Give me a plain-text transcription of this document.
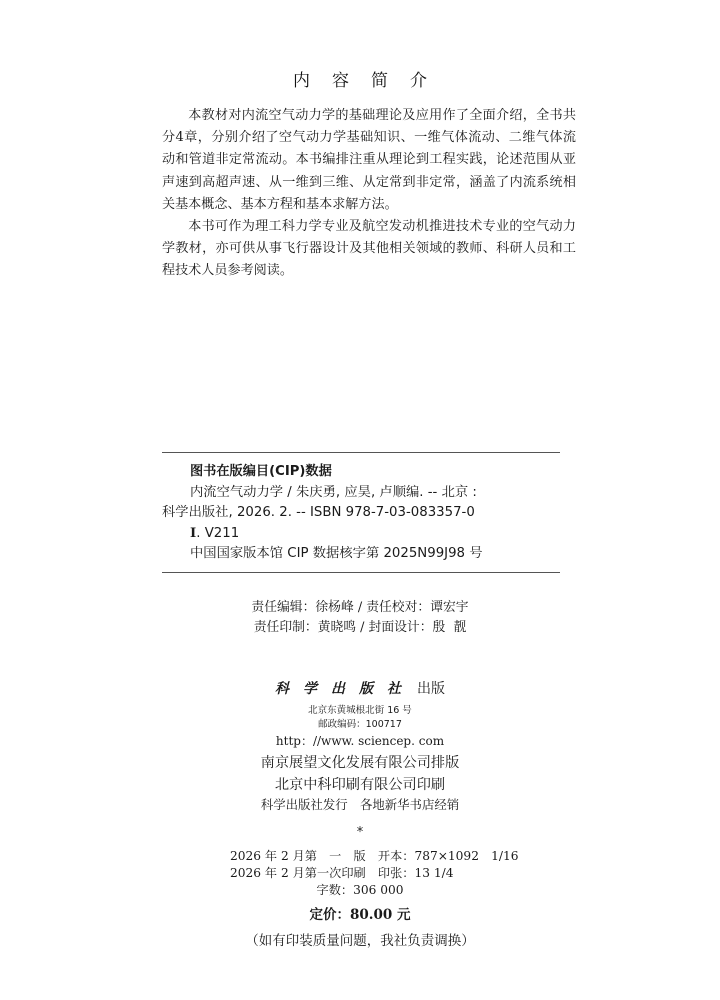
内容简介

本教材对内流空气动力学的基础理论及应用作了全面介绍，全书共分4章，分别介绍了空气动力学基础知识、一维气体流动、二维气体流动和管道非定常流动。本书编排注重从理论到工程实践，论述范围从亚声速到高超声速、从一维到三维、从定常到非定常，涵盖了内流系统相关基本概念、基本方程和基本求解方法。

本书可作为理工科力学专业及航空发动机推进技术专业的空气动力学教材，亦可供从事飞行器设计及其他相关领域的教师、科研人员和工程技术人员参考阅读。

图书在版编目(CIP)数据
内流空气动力学 / 朱庆勇, 应昊, 卢顺编. -- 北京 :
科学出版社, 2026. 2. -- ISBN 978-7-03-083357-0
Ⅰ. V211
中国国家版本馆 CIP 数据核字第 2025N99J98 号
责任编辑：徐杨峰 / 责任校对：谭宏宇
责任印制：黄晓鸣 / 封面设计：殷  靓
科学出版社 出版
北京东黄城根北街 16 号
邮政编码：100717
http：//www. sciencep. com
南京展望文化发展有限公司排版
北京中科印刷有限公司印刷
科学出版社发行　各地新华书店经销
*
2026 年 2 月第　一　版　开本：787×1092　1/16
2026 年 2 月第一次印刷　印张：13 1/4
字数：306 000
定价：80.00 元
（如有印装质量问题，我社负责调换）
